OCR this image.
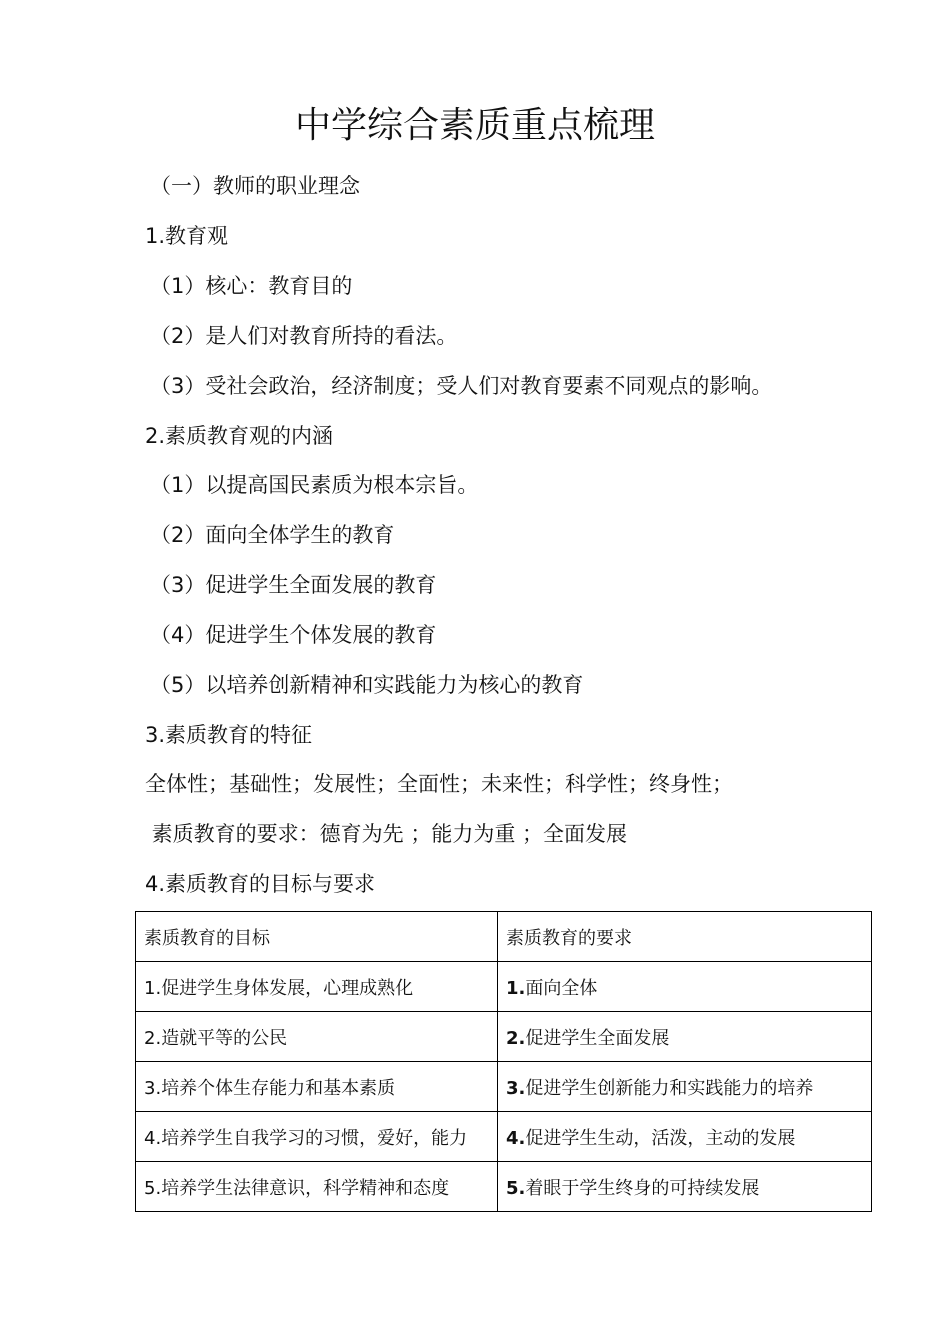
中学综合素质重点梳理

（一）教师的职业理念

1.教育观

（1）核心：教育目的

（2）是人们对教育所持的看法。

（3）受社会政治，经济制度；受人们对教育要素不同观点的影响。

2.素质教育观的内涵

（1）以提高国民素质为根本宗旨。

（2）面向全体学生的教育

（3）促进学生全面发展的教育

（4）促进学生个体发展的教育

（5）以培养创新精神和实践能力为核心的教育

3.素质教育的特征

全体性；基础性；发展性；全面性；未来性；科学性；终身性；

素质教育的要求：德育为先 ；能力为重 ；全面发展

4.素质教育的目标与要求

素质教育的目标	素质教育的要求
1.促进学生身体发展，心理成熟化	1.面向全体
2.造就平等的公民	2.促进学生全面发展
3.培养个体生存能力和基本素质	3.促进学生创新能力和实践能力的培养
4.培养学生自我学习的习惯，爱好，能力	4.促进学生生动，活泼，主动的发展
5.培养学生法律意识，科学精神和态度	5.着眼于学生终身的可持续发展
